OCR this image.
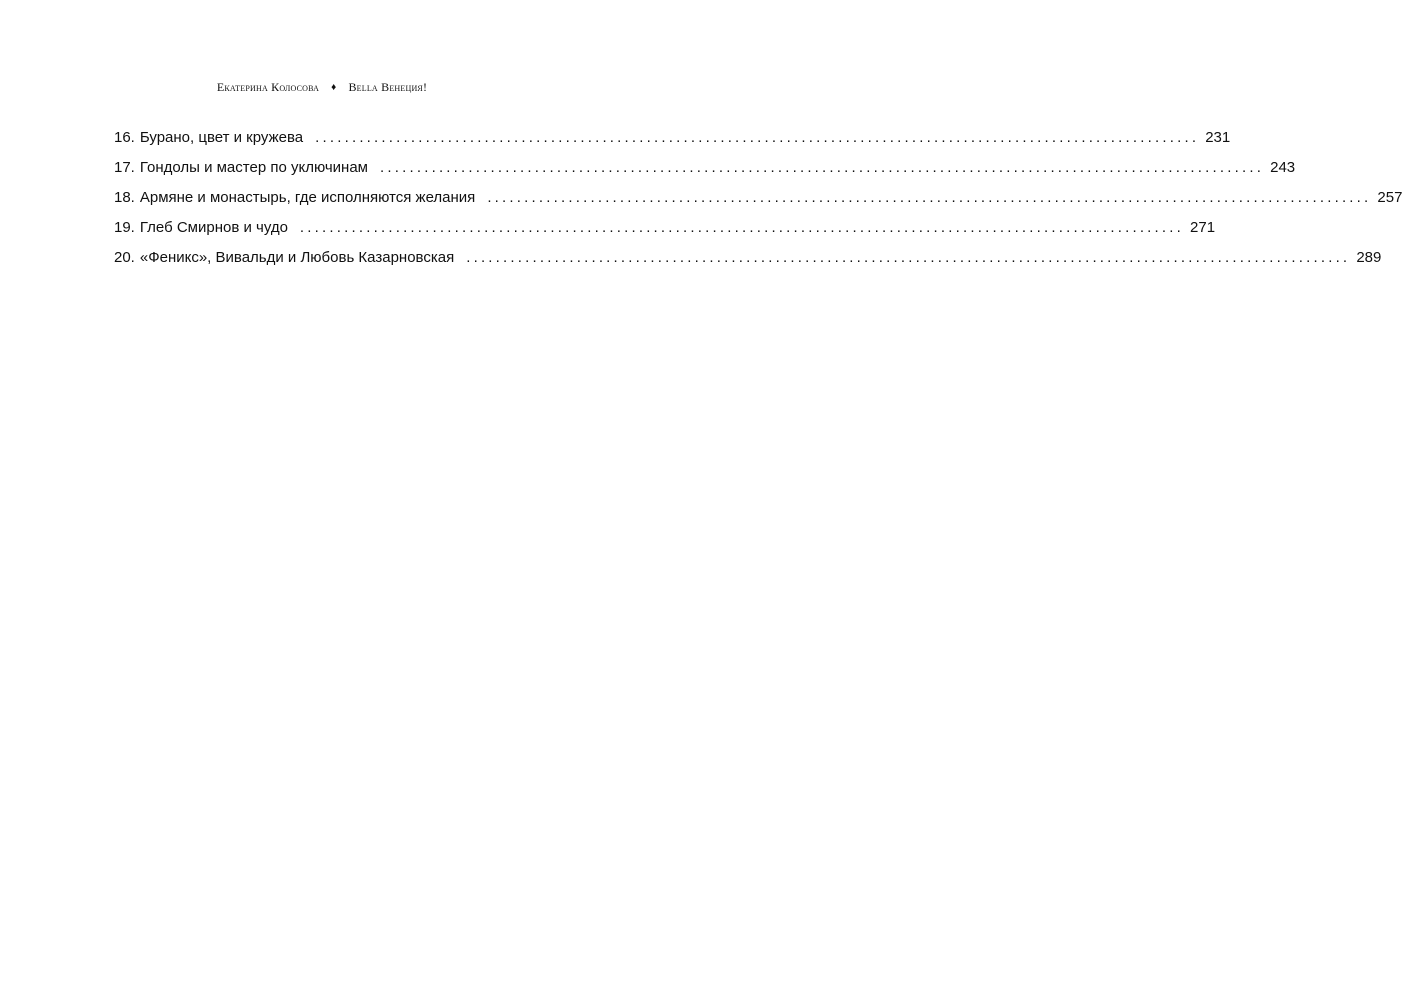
Екатерина Колосова ♦ Bella Венеция!
16. Бурано, цвет и кружева ........................................................................................................................ 231
17. Гондолы и мастер по уключинам ........................................................................................................................ 243
18. Армяне и монастырь, где исполняются желания ........................................................................................................................ 257
19. Глеб Смирнов и чудо ........................................................................................................................ 271
20. «Феникс», Вивальди и Любовь Казарновская ........................................................................................................................ 289
